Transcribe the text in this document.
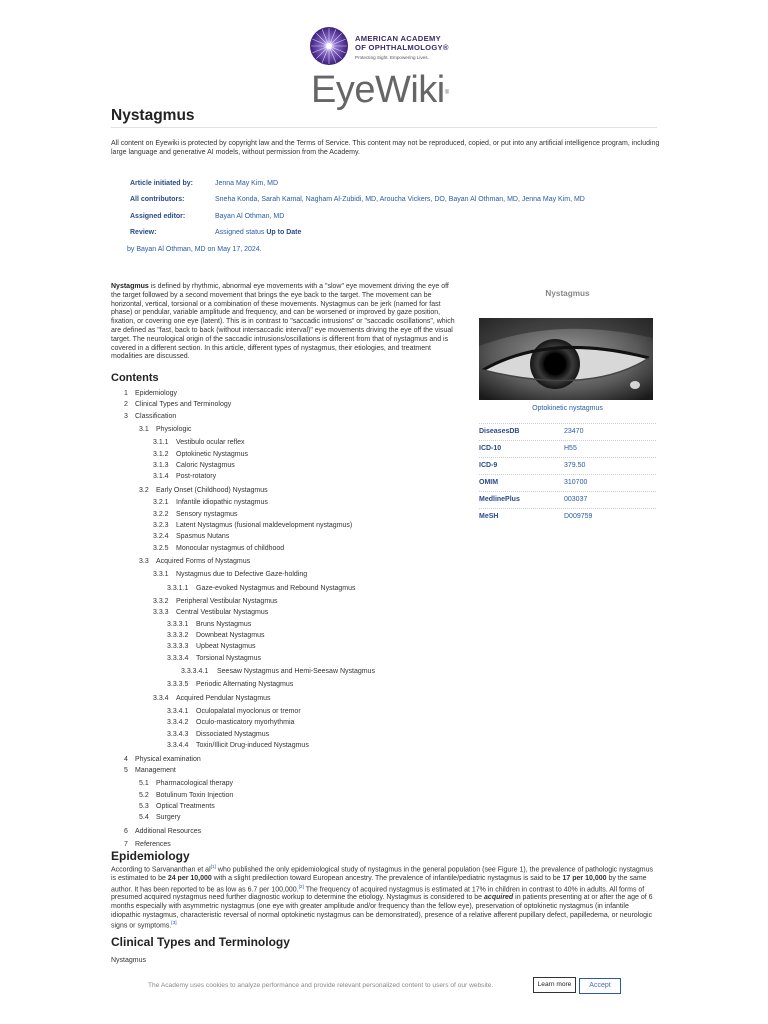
AMERICAN ACADEMY
OF OPHTHALMOLOGY®
Protecting Sight. Empowering Lives.
EyeWiki®
Nystagmus
All content on Eyewiki is protected by copyright law and the Terms of Service. This content may not be reproduced, copied, or put into any artificial intelligence program, including large language and generative AI models, without permission from the Academy.
Article initiated by:	Jenna May Kim, MD
All contributors:	Sneha Konda, Sarah Kamal, Nagham Al-Zubidi, MD, Aroucha Vickers, DO, Bayan Al Othman, MD, Jenna May Kim, MD
Assigned editor:	Bayan Al Othman, MD
Review:	Assigned status Up to Date
by Bayan Al Othman, MD on May 17, 2024.
Nystagmus is defined by rhythmic, abnormal eye movements with a "slow" eye movement driving the eye off the target followed by a second movement that brings the eye back to the target. The movement can be horizontal, vertical, torsional or a combination of these movements. Nystagmus can be jerk (named for fast phase) or pendular, variable amplitude and frequency, and can be worsened or improved by gaze position, fixation, or covering one eye (latent). This is in contrast to "saccadic intrusions" or "saccadic oscillations", which are defined as "fast, back to back (without intersaccadic interval)" eye movements driving the eye off the visual target. The neurological origin of the saccadic intrusions/oscillations is different from that of nystagmus and is covered in a different section. In this article, different types of nystagmus, their etiologies, and treatment modalities are discussed.
Nystagmus
Optokinetic nystagmus
DiseasesDB	23470
ICD-10	H55
ICD-9	379.50
OMIM	310700
MedlinePlus	003037
MeSH	D009759
Contents
1 Epidemiology
2 Clinical Types and Terminology
3 Classification
3.1 Physiologic
3.1.1 Vestibulo ocular reflex
3.1.2 Optokinetic Nystagmus
3.1.3 Caloric Nystagmus
3.1.4 Post-rotatory
3.2 Early Onset (Childhood) Nystagmus
3.2.1 Infantile idiopathic nystagmus
3.2.2 Sensory nystagmus
3.2.3 Latent Nystagmus (fusional maldevelopment nystagmus)
3.2.4 Spasmus Nutans
3.2.5 Monocular nystagmus of childhood
3.3 Acquired Forms of Nystagmus
3.3.1 Nystagmus due to Defective Gaze-holding
3.3.1.1 Gaze-evoked Nystagmus and Rebound Nystagmus
3.3.2 Peripheral Vestibular Nystagmus
3.3.3 Central Vestibular Nystagmus
3.3.3.1 Bruns Nystagmus
3.3.3.2 Downbeat Nystagmus
3.3.3.3 Upbeat Nystagmus
3.3.3.4 Torsional Nystagmus
3.3.3.4.1 Seesaw Nystagmus and Hemi-Seesaw Nystagmus
3.3.3.5 Periodic Alternating Nystagmus
3.3.4 Acquired Pendular Nystagmus
3.3.4.1 Oculopalatal myoclonus or tremor
3.3.4.2 Oculo-masticatory myorhythmia
3.3.4.3 Dissociated Nystagmus
3.3.4.4 Toxin/Illicit Drug-induced Nystagmus
4 Physical examination
5 Management
5.1 Pharmacological therapy
5.2 Botulinum Toxin Injection
5.3 Optical Treatments
5.4 Surgery
6 Additional Resources
7 References
Epidemiology
According to Sarvananthan et al[1] who published the only epidemiological study of nystagmus in the general population (see Figure 1), the prevalence of pathologic nystagmus is estimated to be 24 per 10,000 with a slight predilection toward European ancestry. The prevalence of infantile/pediatric nystagmus is said to be 17 per 10,000 by the same author. It has been reported to be as low as 6.7 per 100,000.[2] The frequency of acquired nystagmus is estimated at 17% in children in contrast to 40% in adults. All forms of presumed acquired nystagmus need further diagnostic workup to determine the etiology. Nystagmus is considered to be acquired in patients presenting at or after the age of 6 months especially with asymmetric nystagmus (one eye with greater amplitude and/or frequency than the fellow eye), preservation of optokinetic nystagmus (in infantile idiopathic nystagmus, characteristic reversal of normal optokinetic nystagmus can be demonstrated), presence of a relative afferent pupillary defect, papilledema, or neurologic signs or symptoms.[3]
Clinical Types and Terminology
Nystagmus
The Academy uses cookies to analyze performance and provide relevant personalized content to users of our website.	Learn more	Accept
